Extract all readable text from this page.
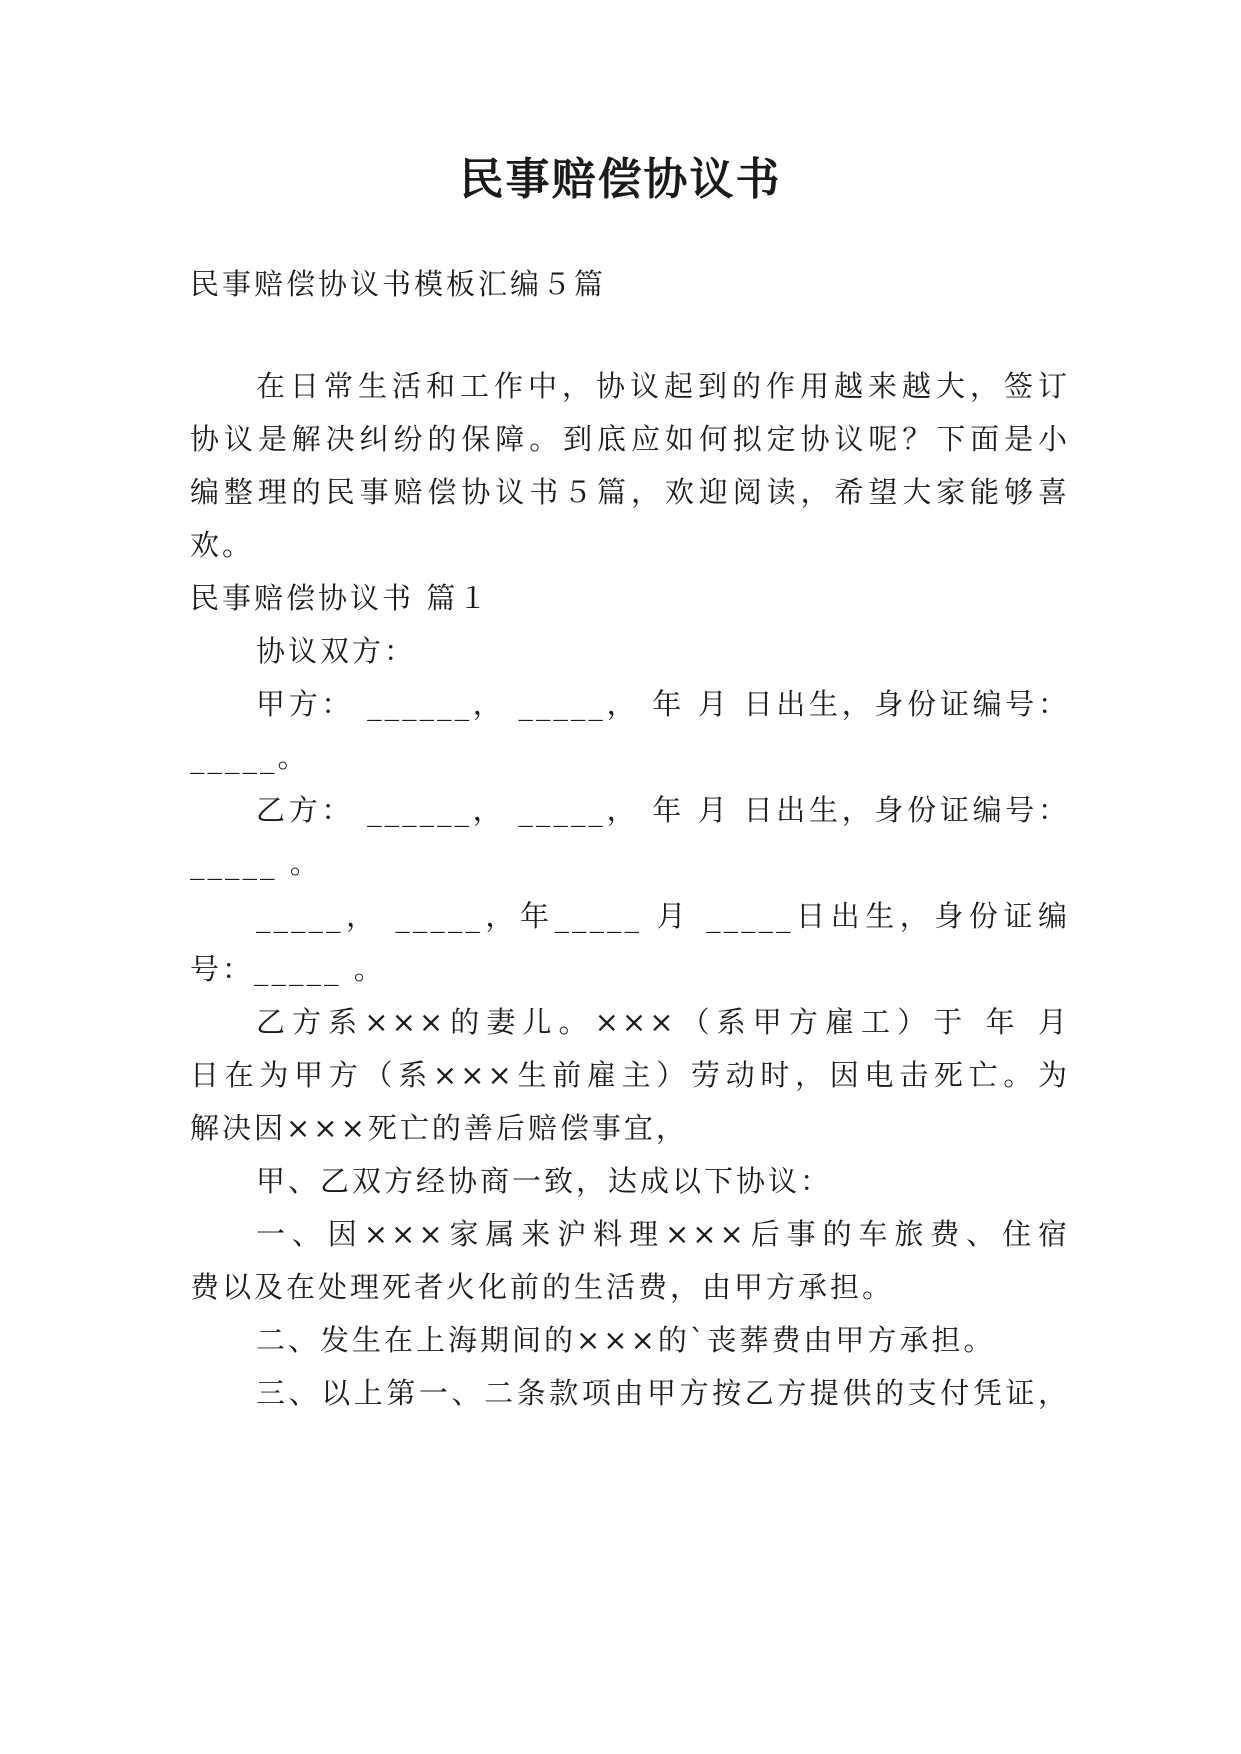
民事赔偿协议书
民事赔偿协议书模板汇编５篇
在日常生活和工作中，协议起到的作用越来越大，签订
协议是解决纠纷的保障。到底应如何拟定协议呢？下面是小
编整理的民事赔偿协议书５篇，欢迎阅读，希望大家能够喜
欢。
民事赔偿协议书 篇１
协议双方：
甲方： ______， _____， 年 月 日出生，身份证编号：
_____。
乙方： ______， _____， 年 月 日出生，身份证编号：
_____ 。
_____， _____，年_____ 月 _____日出生，身份证编
号：_____ 。
乙方系×××的妻儿。×××（系甲方雇工）于 年 月
日在为甲方（系×××生前雇主）劳动时，因电击死亡。为
解决因×××死亡的善后赔偿事宜，
甲、乙双方经协商一致，达成以下协议：
一、因×××家属来沪料理×××后事的车旅费、住宿
费以及在处理死者火化前的生活费，由甲方承担。
二、发生在上海期间的×××的`丧葬费由甲方承担。
三、以上第一、二条款项由甲方按乙方提供的支付凭证，
